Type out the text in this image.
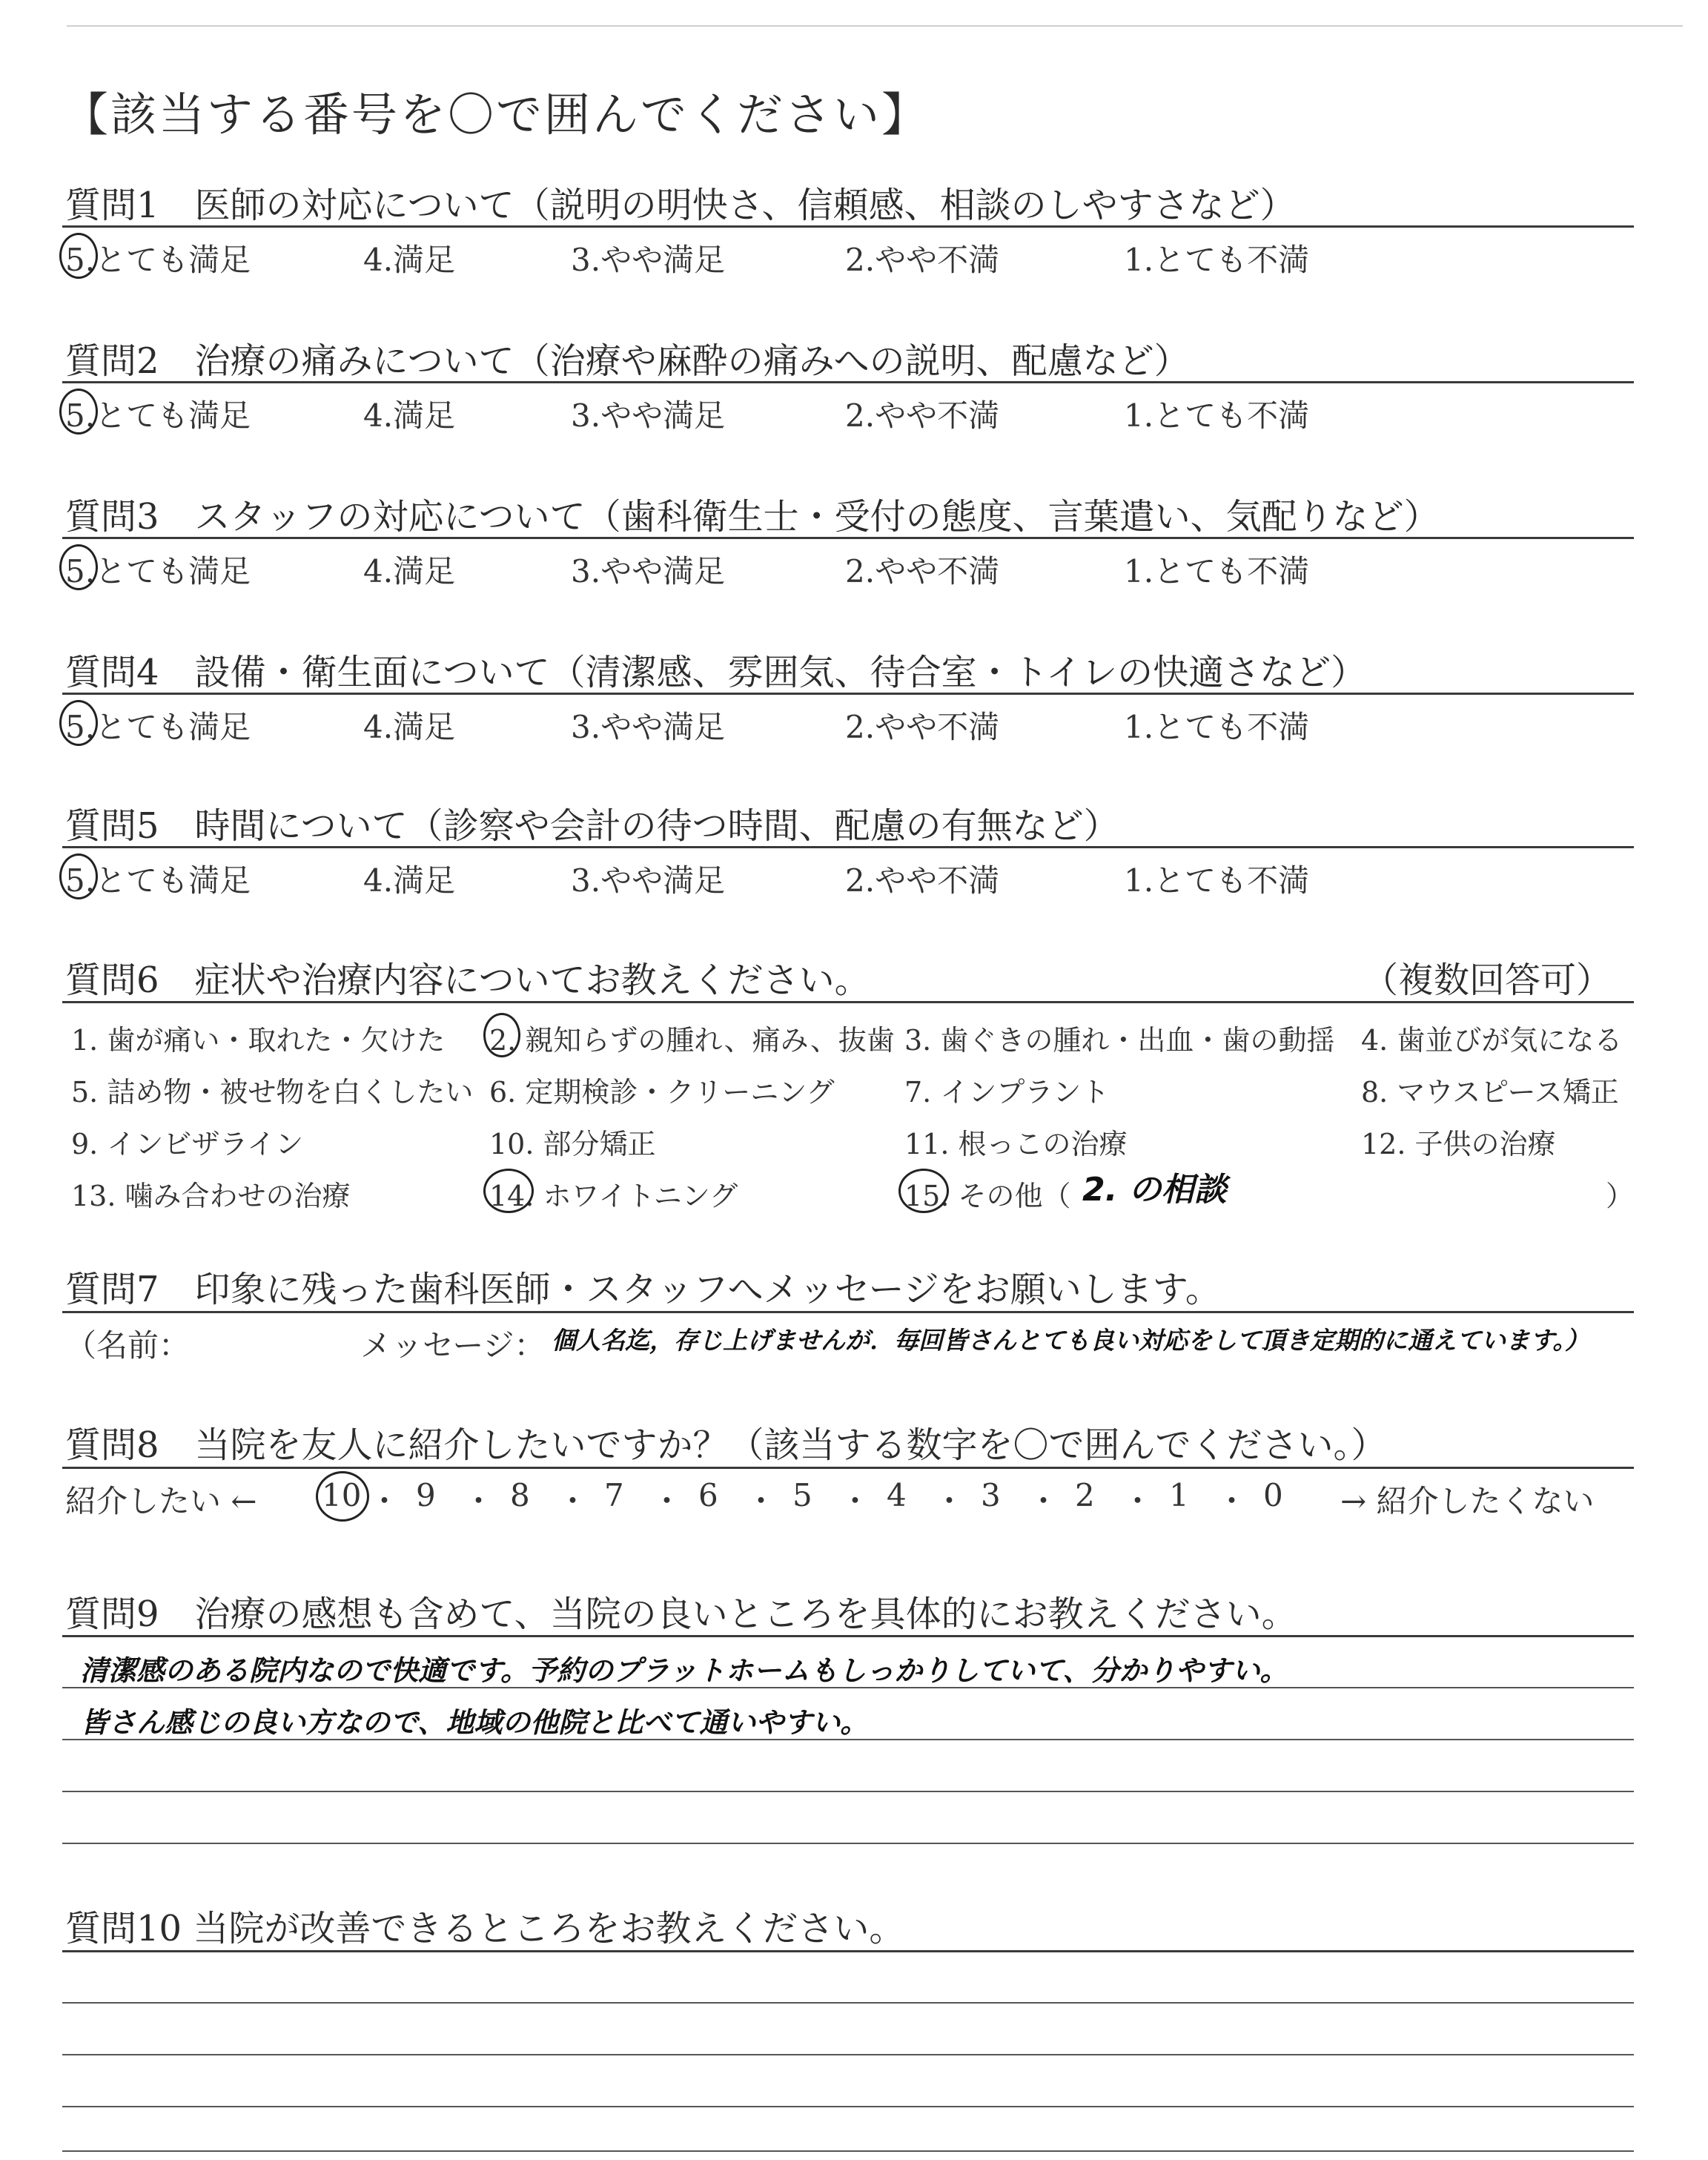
【該当する番号を〇で囲んでください】
質問1　医師の対応について（説明の明快さ、信頼感、相談のしやすさなど）
5.とても満足	4.満足	3.やや満足	2.やや不満	1.とても不満
質問2　治療の痛みについて（治療や麻酔の痛みへの説明、配慮など）
5.とても満足	4.満足	3.やや満足	2.やや不満	1.とても不満
質問3　スタッフの対応について（歯科衛生士・受付の態度、言葉遣い、気配りなど）
5.とても満足	4.満足	3.やや満足	2.やや不満	1.とても不満
質問4　設備・衛生面について（清潔感、雰囲気、待合室・トイレの快適さなど）
5.とても満足	4.満足	3.やや満足	2.やや不満	1.とても不満
質問5　時間について（診察や会計の待つ時間、配慮の有無など）
5.とても満足	4.満足	3.やや満足	2.やや不満	1.とても不満
質問6　症状や治療内容についてお教えください。	（複数回答可）
1. 歯が痛い・取れた・欠けた 2. 親知らずの腫れ、痛み、抜歯 3. 歯ぐきの腫れ・出血・歯の動揺 4. 歯並びが気になる
5. 詰め物・被せ物を白くしたい 6. 定期検診・クリーニング 7. インプラント	8. マウスピース矯正
9. インビザライン	10. 部分矯正	11. 根っこの治療	12. 子供の治療
13. 噛み合わせの治療	14. ホワイトニング	15. その他（	）
2. の相談
質問7　印象に残った歯科医師・スタッフへメッセージをお願いします。
（名前：	メッセージ： 個人名迄，存じ上げませんが．毎回皆さんとても良い対応をして頂き定期的に通えています。）
質問8　当院を友人に紹介したいですか？（該当する数字を〇で囲んでください。）
紹介したい ← 10 ・ 9 ・ 8 ・ 7 ・ 6 ・ 5 ・ 4 ・ 3 ・ 2 ・ 1 ・ 0 → 紹介したくない
質問9　治療の感想も含めて、当院の良いところを具体的にお教えください。
清潔感のある院内なので快適です。予約のプラットホームもしっかりしていて、分かりやすい。
皆さん感じの良い方なので、地域の他院と比べて通いやすい。
質問10 当院が改善できるところをお教えください。
